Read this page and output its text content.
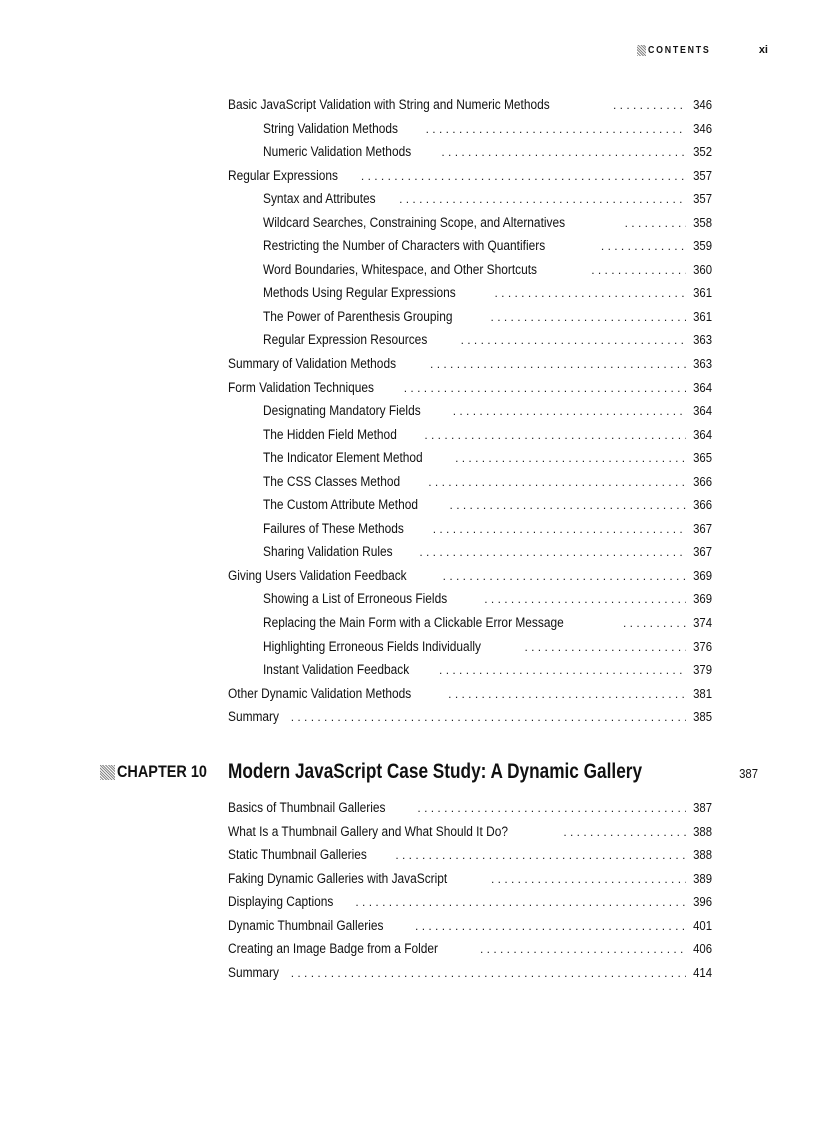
CONTENTS	xi
Basic JavaScript Validation with String and Numeric Methods . . .	346
String Validation Methods . . .	346
Numeric Validation Methods . . .	352
Regular Expressions . . .	357
Syntax and Attributes . . .	357
Wildcard Searches, Constraining Scope, and Alternatives . . .	358
Restricting the Number of Characters with Quantifiers . . .	359
Word Boundaries, Whitespace, and Other Shortcuts . . .	360
Methods Using Regular Expressions . . .	361
The Power of Parenthesis Grouping . . .	361
Regular Expression Resources . . .	363
Summary of Validation Methods . . .	363
Form Validation Techniques . . .	364
Designating Mandatory Fields . . .	364
The Hidden Field Method . . .	364
The Indicator Element Method . . .	365
The CSS Classes Method . . .	366
The Custom Attribute Method . . .	366
Failures of These Methods . . .	367
Sharing Validation Rules . . .	367
Giving Users Validation Feedback . . .	369
Showing a List of Erroneous Fields . . .	369
Replacing the Main Form with a Clickable Error Message . . .	374
Highlighting Erroneous Fields Individually . . .	376
Instant Validation Feedback . . .	379
Other Dynamic Validation Methods . . .	381
Summary . . .	385
CHAPTER 10 Modern JavaScript Case Study: A Dynamic Gallery	387
Basics of Thumbnail Galleries . . .	387
What Is a Thumbnail Gallery and What Should It Do? . . .	388
Static Thumbnail Galleries . . .	388
Faking Dynamic Galleries with JavaScript . . .	389
Displaying Captions . . .	396
Dynamic Thumbnail Galleries . . .	401
Creating an Image Badge from a Folder . . .	406
Summary . . .	414
